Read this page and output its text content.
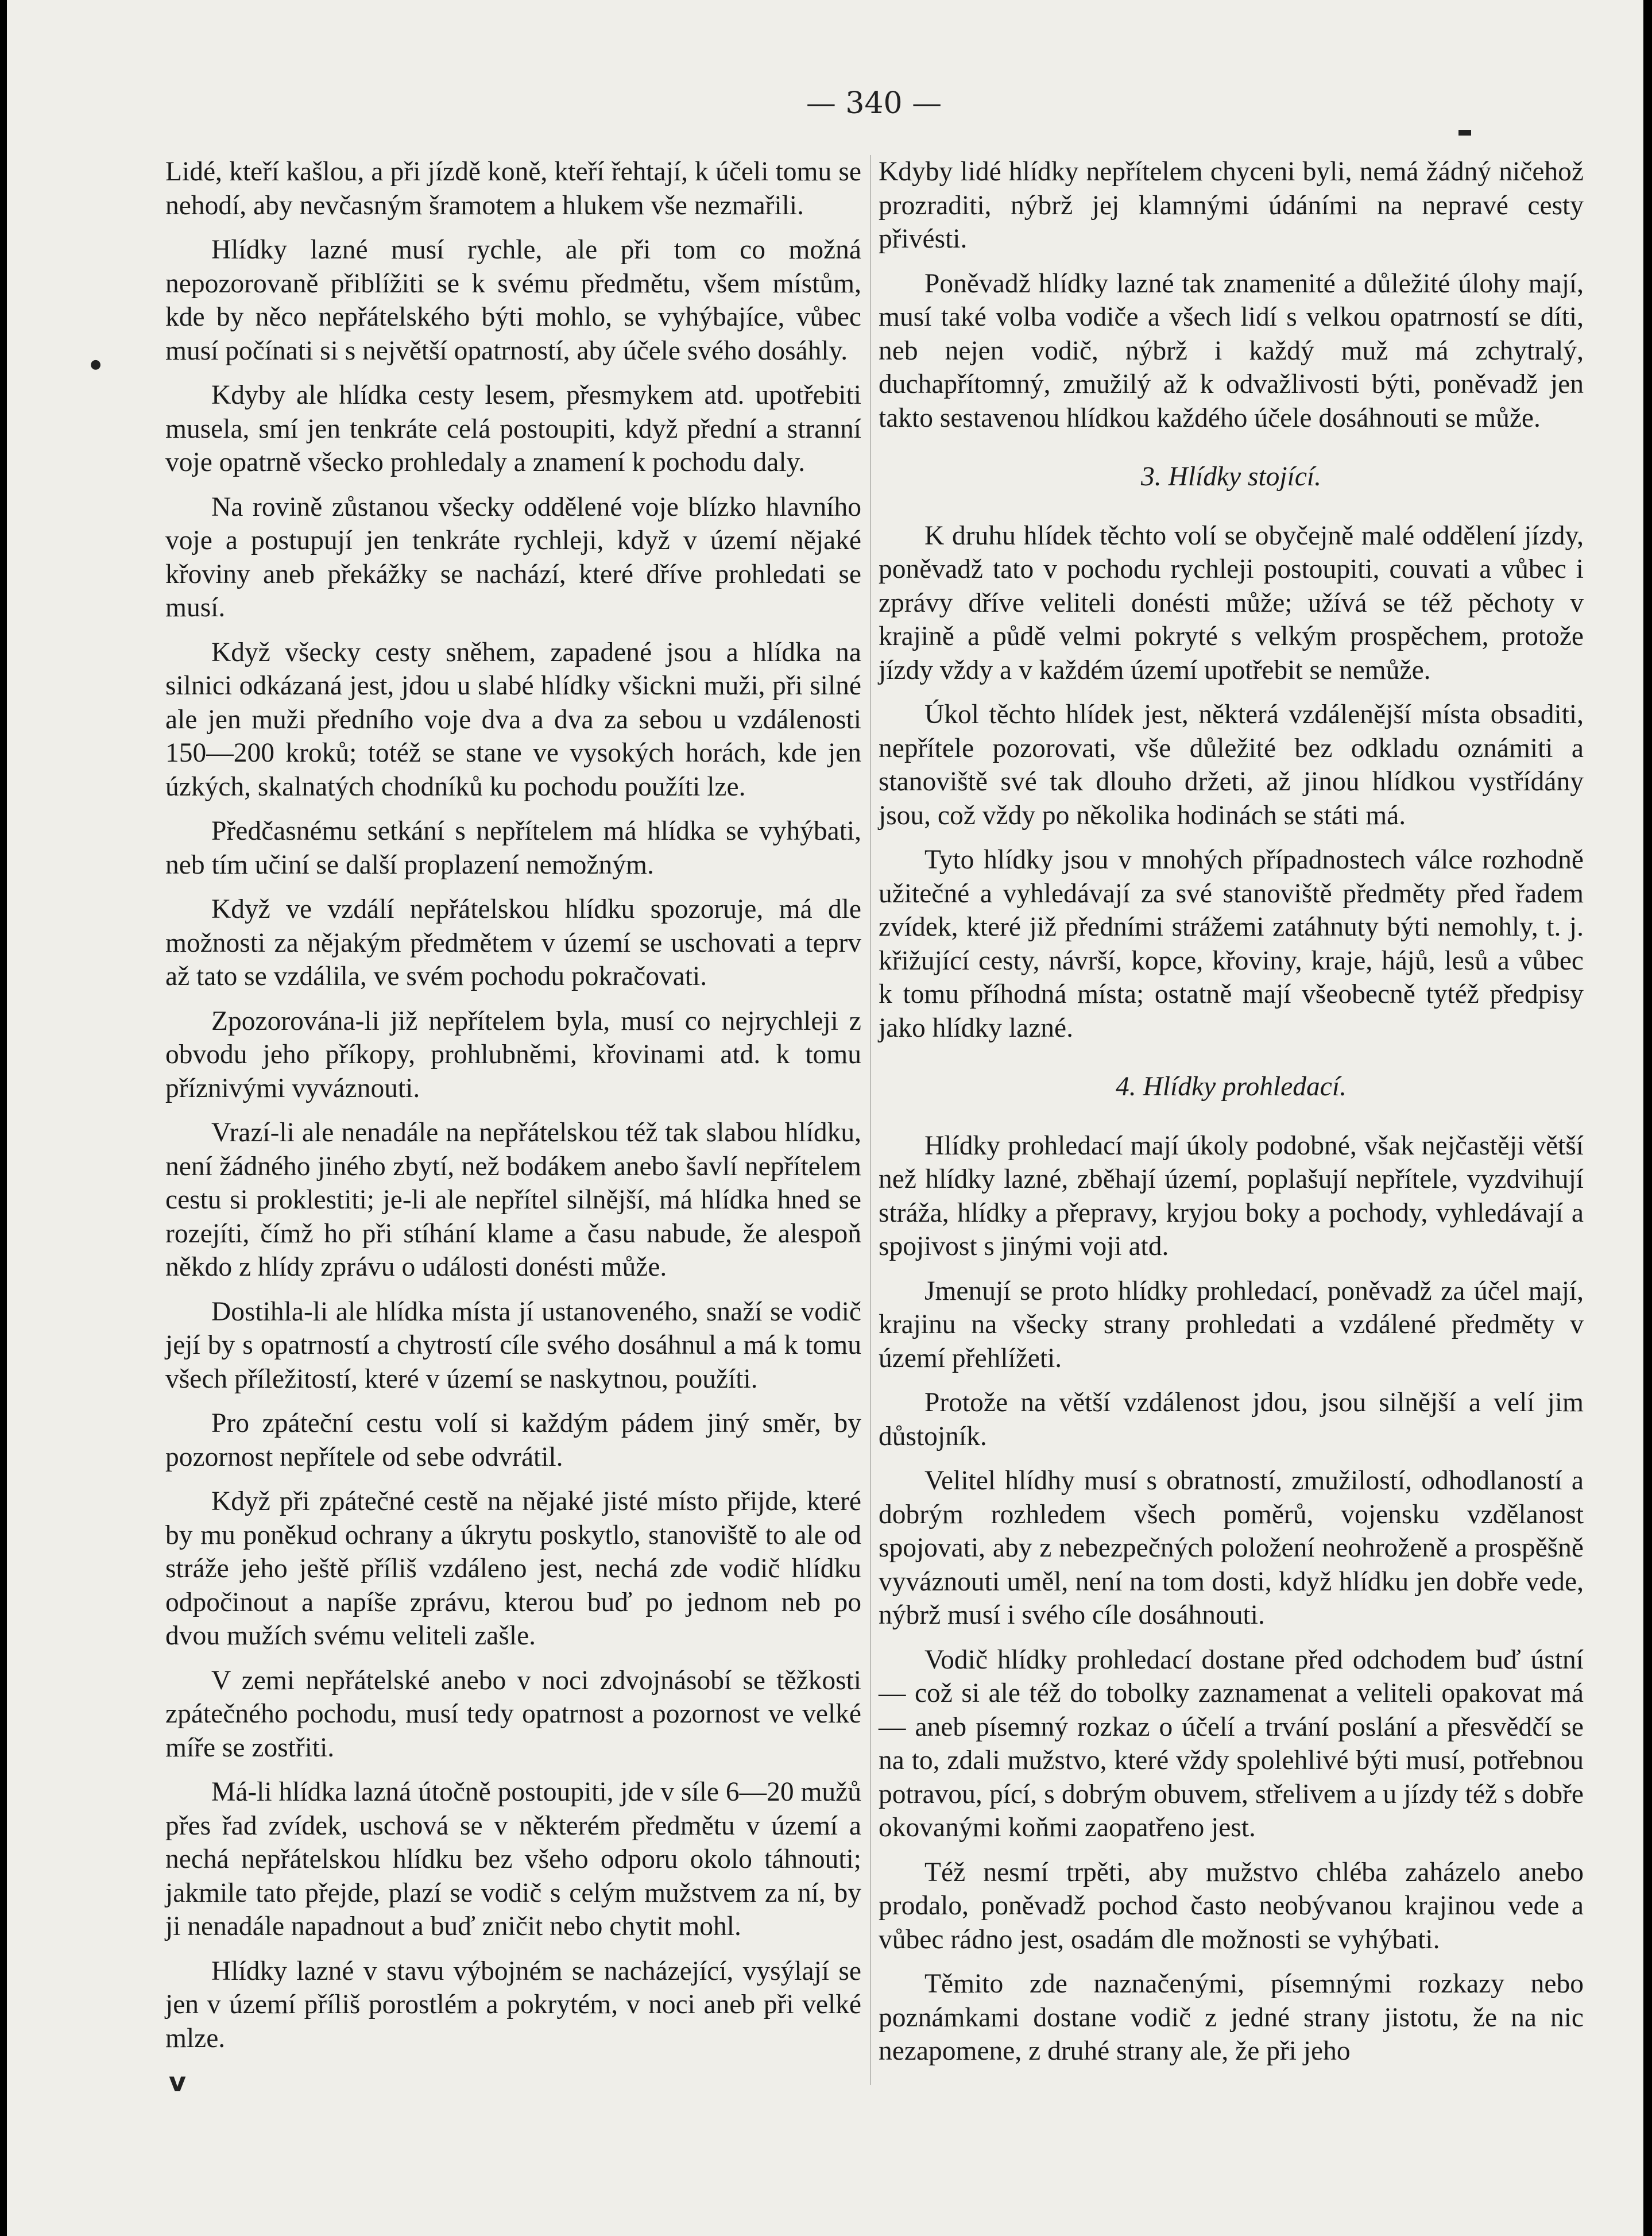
— 340 —

Lidé, kteří kašlou, a při jízdě koně, kteří řehtají, k účeli tomu se nehodí, aby nevčasným šramotem a hlukem vše nezmařili.

Hlídky lazné musí rychle, ale při tom co možná nepozorovaně přiblížiti se k svému předmětu, všem místům, kde by něco nepřátelského býti mohlo, se vyhýbajíce, vůbec musí počínati si s největší opatrností, aby účele svého dosáhly.

Kdyby ale hlídka cesty lesem, přesmykem atd. upotřebiti musela, smí jen tenkráte celá postoupiti, když přední a stranní voje opatrně všecko prohledaly a znamení k pochodu daly.

Na rovině zůstanou všecky oddělené voje blízko hlavního voje a postupují jen tenkráte rychleji, když v území nějaké křoviny aneb překážky se nachází, které dříve prohledati se musí.

Když všecky cesty sněhem, zapadené jsou a hlídka na silnici odkázaná jest, jdou u slabé hlídky všickni muži, při silné ale jen muži předního voje dva a dva za sebou u vzdálenosti 150—200 kroků; totéž se stane ve vysokých horách, kde jen úzkých, skalnatých chodníků ku pochodu použíti lze.

Předčasnému setkání s nepřítelem má hlídka se vyhýbati, neb tím učiní se další proplazení nemožným.

Když ve vzdálí nepřátelskou hlídku spozoruje, má dle možnosti za nějakým předmětem v území se uschovati a teprv až tato se vzdálila, ve svém pochodu pokračovati.

Zpozorována-li již nepřítelem byla, musí co nejrychleji z obvodu jeho příkopy, prohlubněmi, křovinami atd. k tomu příznivými vyváznouti.

Vrazí-li ale nenadále na nepřátelskou též tak slabou hlídku, není žádného jiného zbytí, než bodákem anebo šavlí nepřítelem cestu si proklestiti; je-li ale nepřítel silnější, má hlídka hned se rozejíti, čímž ho při stíhání klame a času nabude, že alespoň někdo z hlídy zprávu o události donésti může.

Dostihla-li ale hlídka místa jí ustanoveného, snaží se vodič její by s opatrností a chytrostí cíle svého dosáhnul a má k tomu všech příležitostí, které v území se naskytnou, použíti.

Pro zpáteční cestu volí si každým pádem jiný směr, by pozornost nepřítele od sebe odvrátil.

Když při zpátečné cestě na nějaké jisté místo přijde, které by mu poněkud ochrany a úkrytu poskytlo, stanoviště to ale od stráže jeho ještě příliš vzdáleno jest, nechá zde vodič hlídku odpočinout a napíše zprávu, kterou buď po jednom neb po dvou mužích svému veliteli zašle.

V zemi nepřátelské anebo v noci zdvojnásobí se těžkosti zpátečného pochodu, musí tedy opatrnost a pozornost ve velké míře se zostřiti.

Má-li hlídka lazná útočně postoupiti, jde v síle 6—20 mužů přes řad zvídek, uschová se v některém předmětu v území a nechá nepřátelskou hlídku bez všeho odporu okolo táhnouti; jakmile tato přejde, plazí se vodič s celým mužstvem za ní, by ji nenadále napadnout a buď zničit nebo chytit mohl.

Hlídky lazné v stavu výbojném se nacházející, vysýlají se jen v území příliš porostlém a pokrytém, v noci aneb při velké mlze.

Kdyby lidé hlídky nepřítelem chyceni byli, nemá žádný ničehož prozraditi, nýbrž jej klamnými údáními na nepravé cesty přivésti.

Poněvadž hlídky lazné tak znamenité a důležité úlohy mají, musí také volba vodiče a všech lidí s velkou opatrností se díti, neb nejen vodič, nýbrž i každý muž má zchytralý, duchapřítomný, zmužilý až k odvažlivosti býti, poněvadž jen takto sestavenou hlídkou každého účele dosáhnouti se může.

3. Hlídky stojící.

K druhu hlídek těchto volí se obyčejně malé oddělení jízdy, poněvadž tato v pochodu rychleji postoupiti, couvati a vůbec i zprávy dříve veliteli donésti může; užívá se též pěchoty v krajině a půdě velmi pokryté s velkým prospěchem, protože jízdy vždy a v každém území upotřebit se nemůže.

Úkol těchto hlídek jest, některá vzdálenější místa obsaditi, nepřítele pozorovati, vše důležité bez odkladu oznámiti a stanoviště své tak dlouho držeti, až jinou hlídkou vystřídány jsou, což vždy po několika hodinách se státi má.

Tyto hlídky jsou v mnohých případnostech válce rozhodně užitečné a vyhledávají za své stanoviště předměty před řadem zvídek, které již předními strážemi zatáhnuty býti nemohly, t. j. křižující cesty, návrší, kopce, křoviny, kraje, hájů, lesů a vůbec k tomu příhodná místa; ostatně mají všeobecně tytéž předpisy jako hlídky lazné.

4. Hlídky prohledací.

Hlídky prohledací mají úkoly podobné, však nejčastěji větší než hlídky lazné, zběhají území, poplašují nepřítele, vyzdvihují stráža, hlídky a přepravy, kryjou boky a pochody, vyhledávají a spojivost s jinými voji atd.

Jmenují se proto hlídky prohledací, poněvadž za účel mají, krajinu na všecky strany prohledati a vzdálené předměty v území přehlížeti.

Protože na větší vzdálenost jdou, jsou silnější a velí jim důstojník.

Velitel hlídhy musí s obratností, zmužilostí, odhodlaností a dobrým rozhledem všech poměrů, vojensku vzdělanost spojovati, aby z nebezpečných položení neohroženě a prospěšně vyváznouti uměl, není na tom dosti, když hlídku jen dobře vede, nýbrž musí i svého cíle dosáhnouti.

Vodič hlídky prohledací dostane před odchodem buď ústní — což si ale též do tobolky zaznamenat a veliteli opakovat má — aneb písemný rozkaz o účelí a trvání poslání a přesvědčí se na to, zdali mužstvo, které vždy spolehlivé býti musí, potřebnou potravou, pící, s dobrým obuvem, střelivem a u jízdy též s dobře okovanými koňmi zaopatřeno jest.

Též nesmí trpěti, aby mužstvo chléba zaházelo anebo prodalo, poněvadž pochod často neobývanou krajinou vede a vůbec rádno jest, osadám dle možnosti se vyhýbati.

Těmito zde naznačenými, písemnými rozkazy nebo poznámkami dostane vodič z jedné strany jistotu, že na nic nezapomene, z druhé strany ale, že při jeho

v
●
